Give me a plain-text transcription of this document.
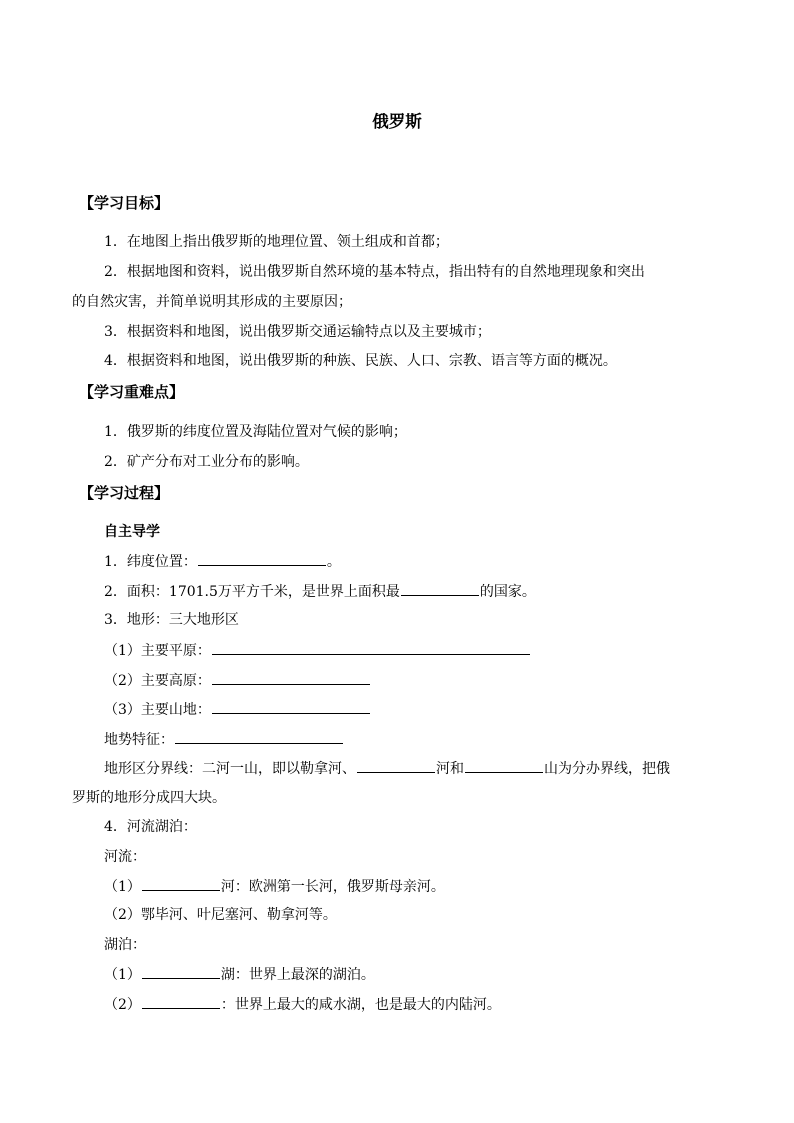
俄罗斯
【学习目标】
1．在地图上指出俄罗斯的地理位置、领土组成和首都；
2．根据地图和资料，说出俄罗斯自然环境的基本特点，指出特有的自然地理现象和突出
的自然灾害，并简单说明其形成的主要原因；
3．根据资料和地图，说出俄罗斯交通运输特点以及主要城市；
4．根据资料和地图，说出俄罗斯的种族、民族、人口、宗教、语言等方面的概况。
【学习重难点】
1．俄罗斯的纬度位置及海陆位置对气候的影响；
2．矿产分布对工业分布的影响。
【学习过程】
自主导学
1．纬度位置：	。
2．面积：1701.5万平方千米，是世界上面积最	的国家。
3．地形：三大地形区
（1）主要平原：
（2）主要高原：
（3）主要山地：
地势特征：
地形区分界线：二河一山，即以勒拿河、	河和	山为分办界线，把俄
罗斯的地形分成四大块。
4．河流湖泊：
河流：
（1）	河：欧洲第一长河，俄罗斯母亲河。
（2）鄂毕河、叶尼塞河、勒拿河等。
湖泊：
（1）	湖：世界上最深的湖泊。
（2）	：世界上最大的咸水湖，也是最大的内陆河。
